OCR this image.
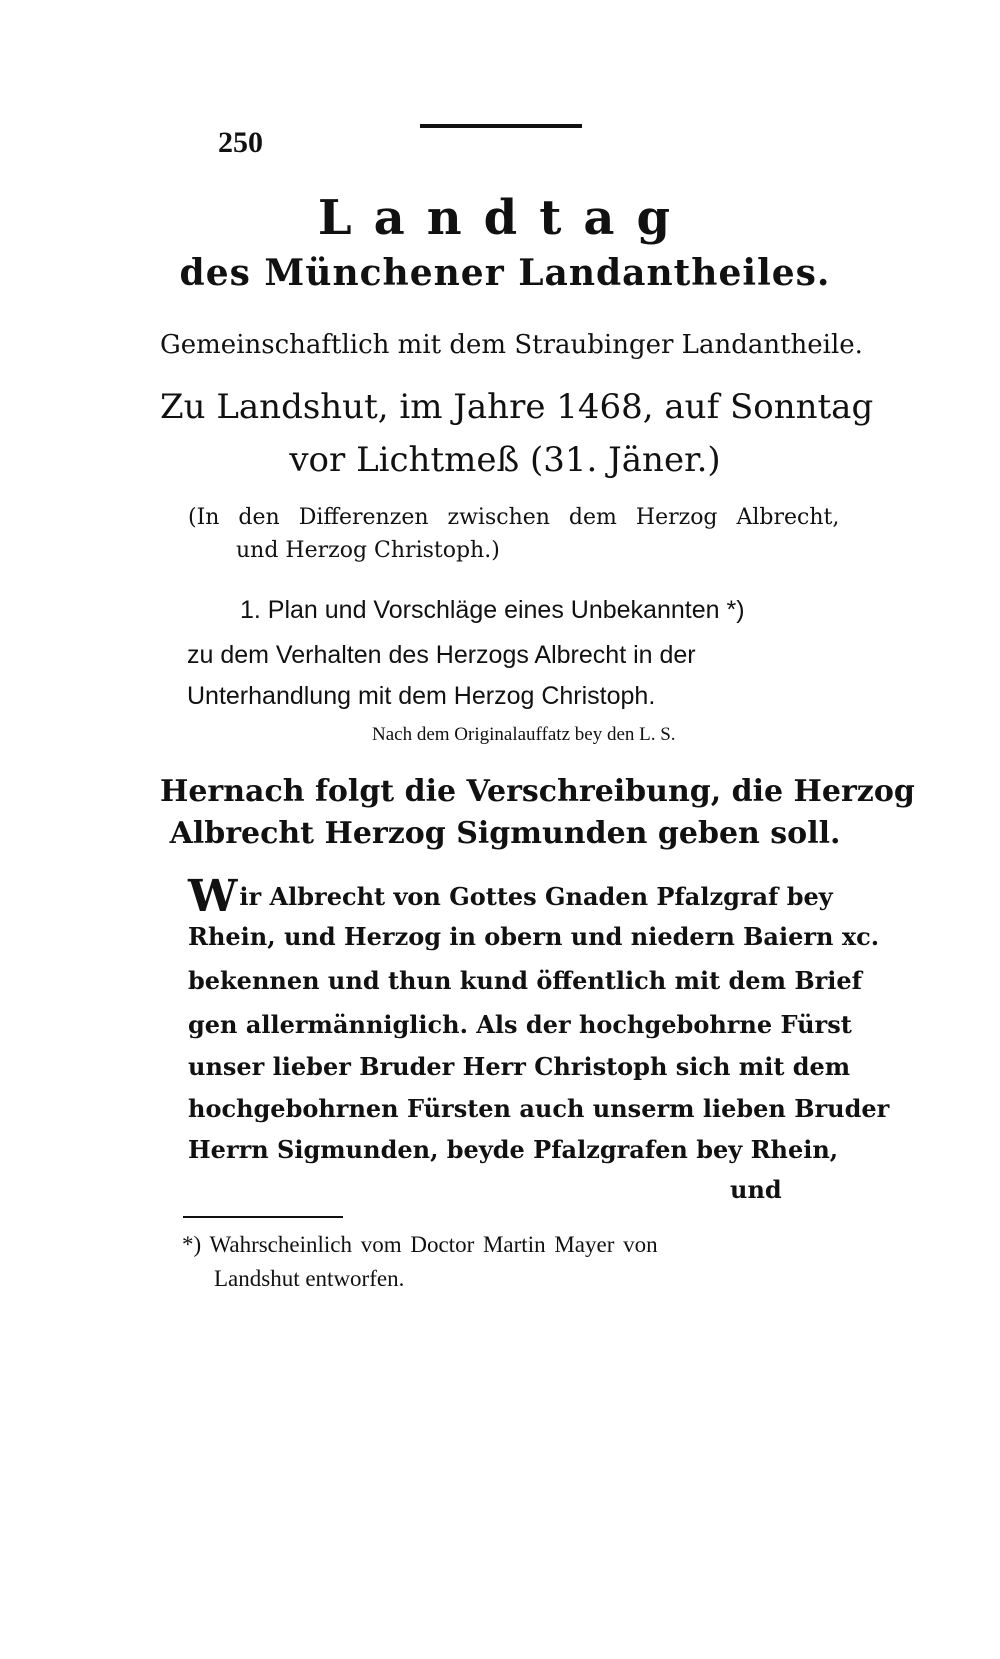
250
Landtag
des Münchener Landantheiles.
Gemeinschaftlich mit dem Straubinger Landantheile.
Zu Landshut, im Jahre 1468, auf Sonntag
vor Lichtmeß (31. Jäner.)
(In den Differenzen zwischen dem Herzog Albrecht,
und Herzog Christoph.)
1. Plan und Vorschläge eines Unbekannten *)
zu dem Verhalten des Herzogs Albrecht in der
Unterhandlung mit dem Herzog Christoph.
Nach dem Originalauffatz bey den L. S.
Hernach folgt die Verschreibung, die Herzog
Albrecht Herzog Sigmunden geben soll.
Wir Albrecht von Gottes Gnaden Pfalzgraf bey
Rhein, und Herzog in obern und niedern Baiern xc.
bekennen und thun kund öffentlich mit dem Brief
gen allermänniglich. Als der hochgebohrne Fürst
unser lieber Bruder Herr Christoph sich mit dem
hochgebohrnen Fürsten auch unserm lieben Bruder
Herrn Sigmunden, beyde Pfalzgrafen bey Rhein,
und
*) Wahrscheinlich vom Doctor Martin Mayer von
Landshut entworfen.
